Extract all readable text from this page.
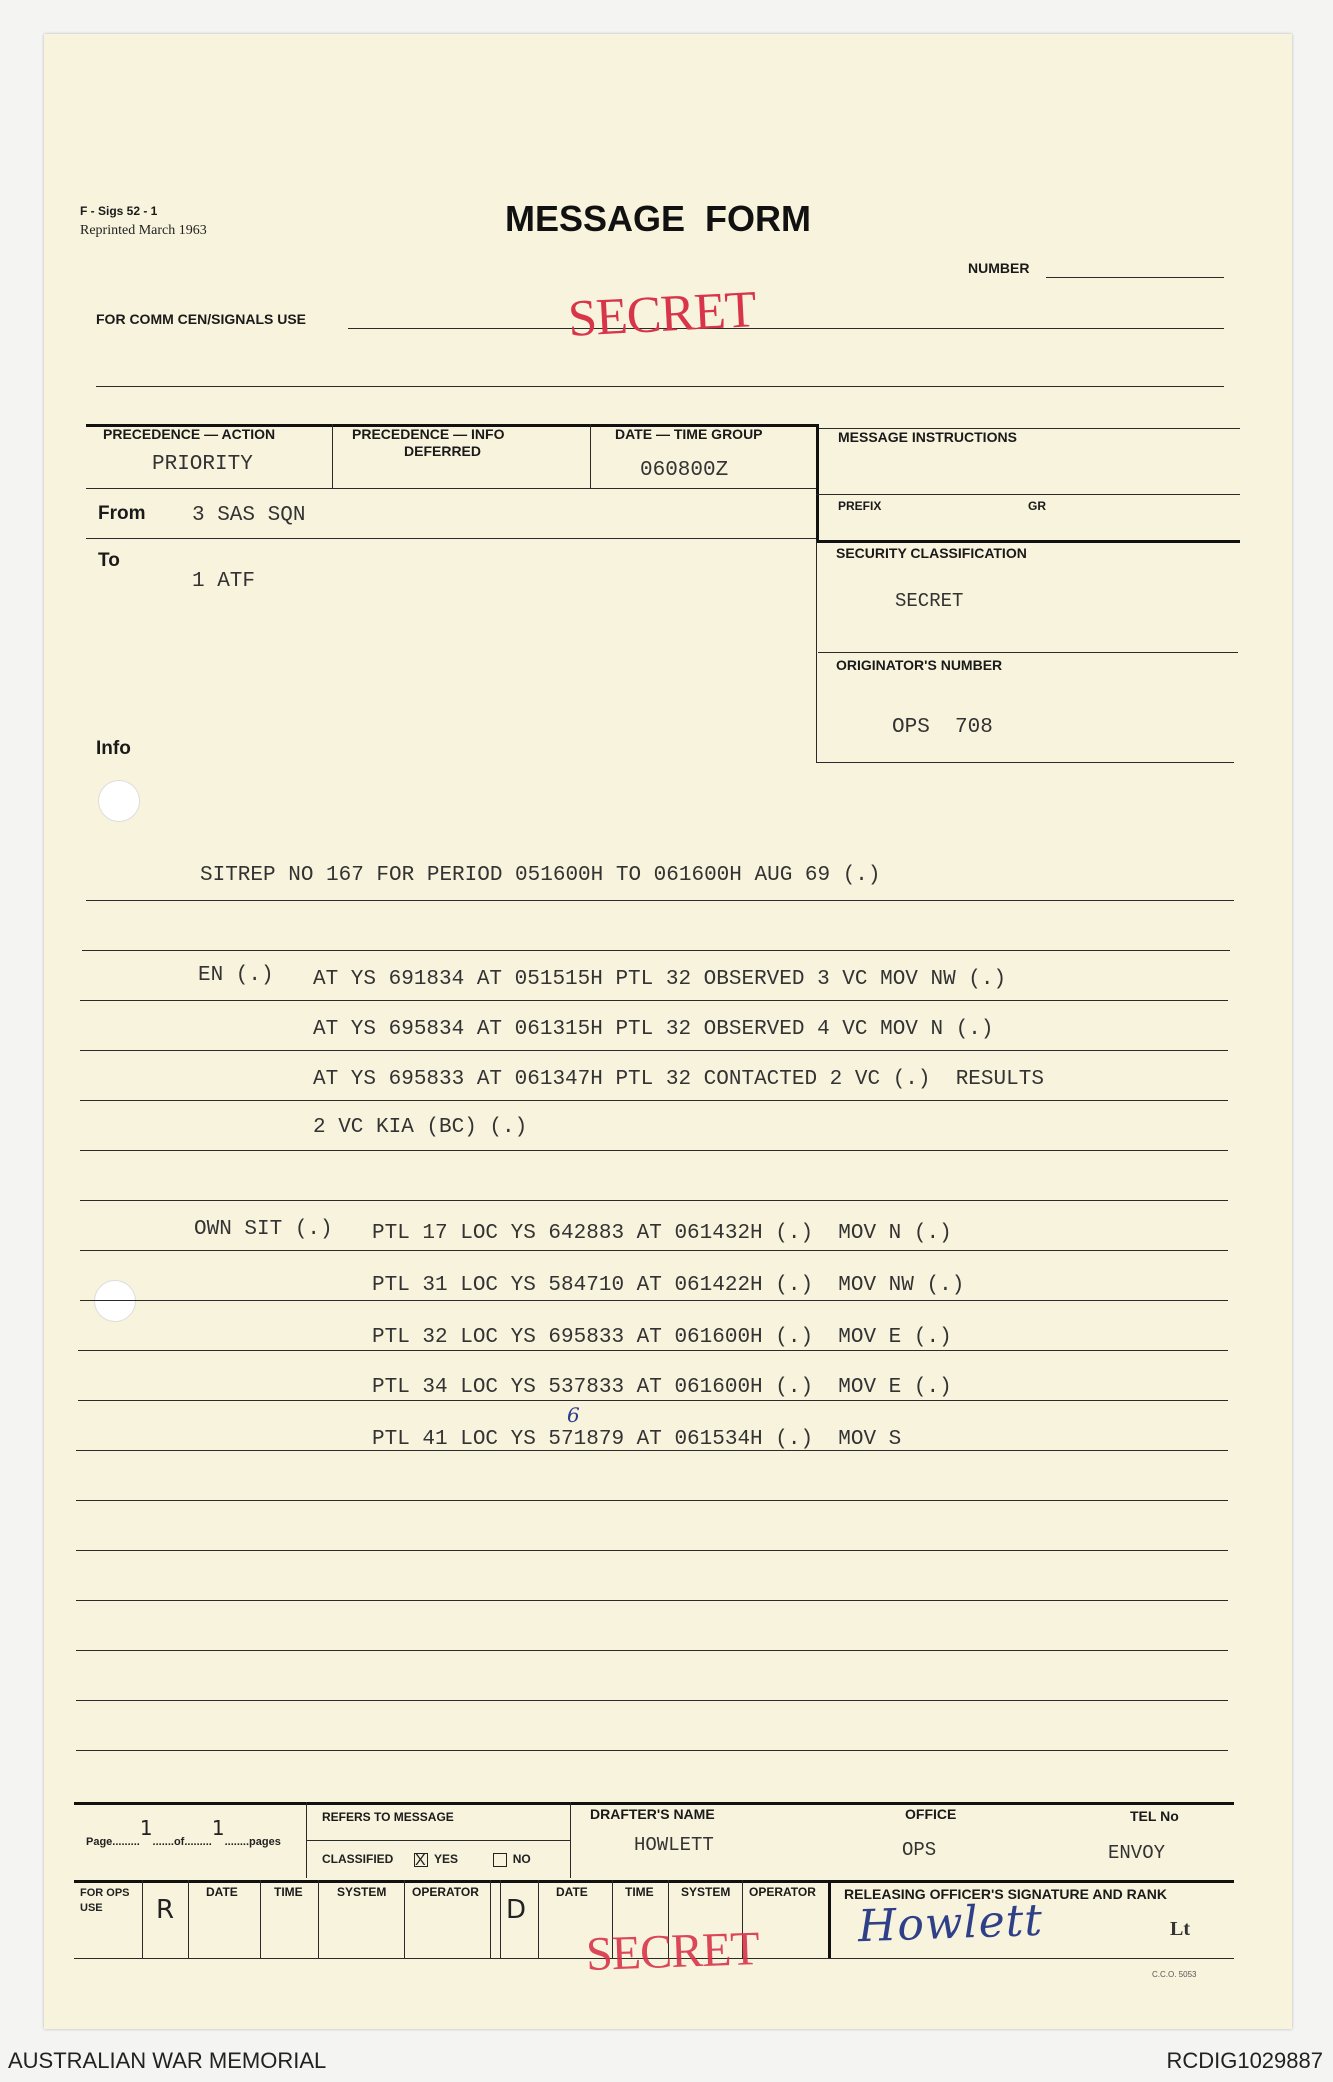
F - Sigs 52 - 1
Reprinted March 1963	MESSAGE  FORM
NUMBER
FOR COMM CEN/SIGNALS USE	SECRET
PRECEDENCE — ACTION
PRIORITY
PRECEDENCE — INFO
DEFERRED
DATE — TIME GROUP
060800Z
MESSAGE INSTRUCTIONS
PREFIX	GR
From 3 SAS SQN
SECURITY CLASSIFICATION
SECRET
ORIGINATOR'S NUMBER
OPS  708
To
1 ATF
Info
SITREP NO 167 FOR PERIOD 051600H TO 061600H AUG 69 (.)
EN (.) AT YS 691834 AT 051515H PTL 32 OBSERVED 3 VC MOV NW (.)
AT YS 695834 AT 061315H PTL 32 OBSERVED 4 VC MOV N (.)
AT YS 695833 AT 061347H PTL 32 CONTACTED 2 VC (.)  RESULTS
2 VC KIA (BC) (.)
OWN SIT (.) PTL 17 LOC YS 642883 AT 061432H (.)  MOV N (.)
PTL 31 LOC YS 584710 AT 061422H (.)  MOV NW (.)
PTL 32 LOC YS 695833 AT 061600H (.)  MOV E (.)
PTL 34 LOC YS 537833 AT 061600H (.)  MOV E (.)
PTL 41 LOC YS 571879 AT 061534H (.)  MOV S
6
Page.........1.......of.........1........pages
REFERS TO MESSAGE
CLASSIFIED X YES	NO
DRAFTER'S NAME
HOWLETT
OFFICE
OPS
TEL No
ENVOY
FOR OPS USE	R
DATE	TIME	SYSTEM OPERATOR
D
DATE	TIME SYSTEM OPERATOR RELEASING OFFICER'S SIGNATURE AND RANK
Howlett	Lt
SECRET	C.C.O. 5053
AUSTRALIAN WAR MEMORIAL	RCDIG1029887
